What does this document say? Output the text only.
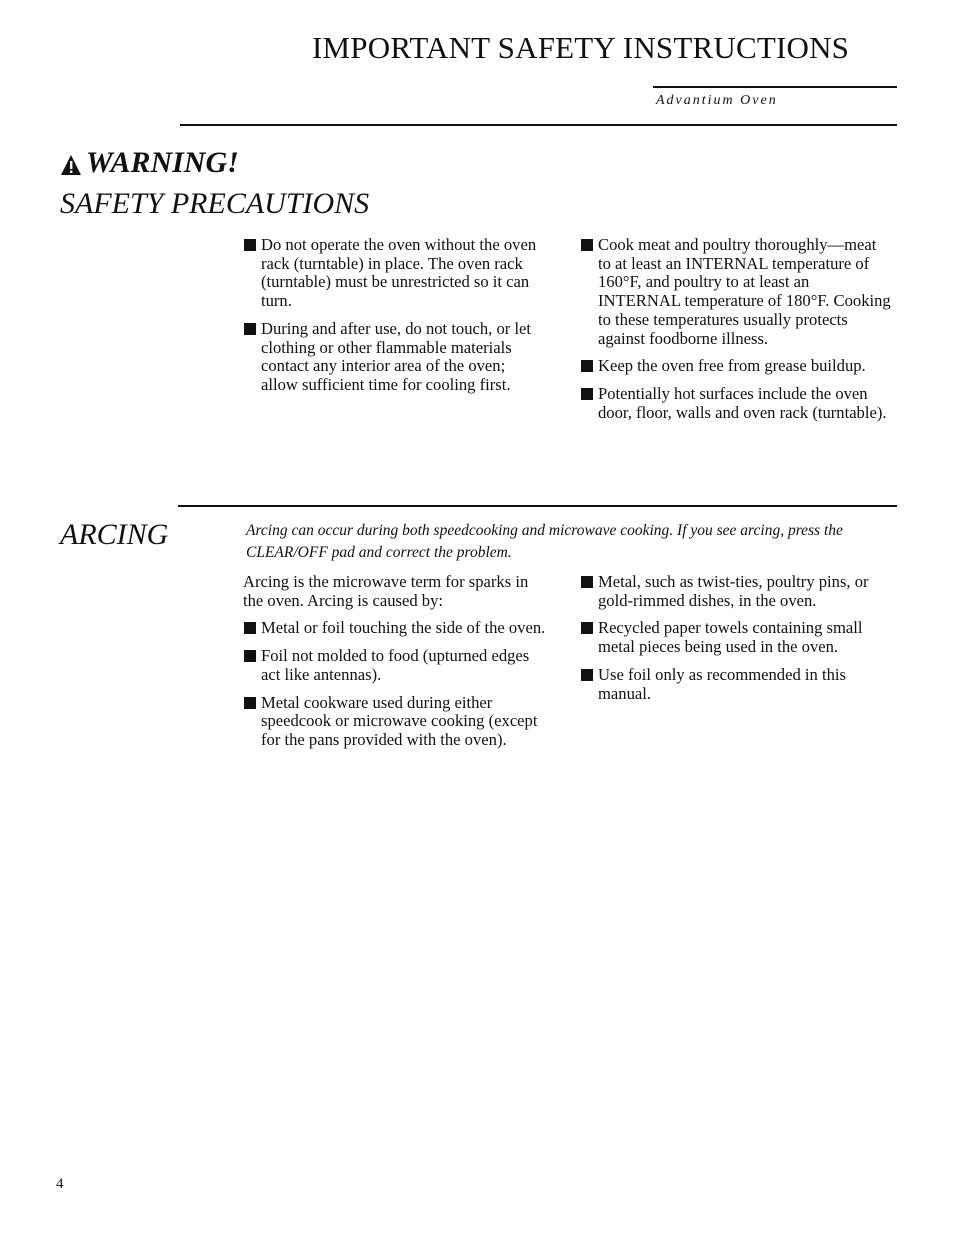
IMPORTANT SAFETY INSTRUCTIONS

Advantium Oven

WARNING!
SAFETY PRECAUTIONS
Do not operate the oven without the oven rack (turntable) in place. The oven rack (turntable) must be unrestricted so it can turn.
During and after use, do not touch, or let clothing or other flammable materials contact any interior area of the oven; allow sufficient time for cooling first.
Cook meat and poultry thoroughly—meat to at least an INTERNAL temperature of 160°F, and poultry to at least an INTERNAL temperature of 180°F. Cooking to these temperatures usually protects against foodborne illness.
Keep the oven free from grease buildup.
Potentially hot surfaces include the oven door, floor, walls and oven rack (turntable).
ARCING	Arcing can occur during both speedcooking and microwave cooking. If you see arcing, press the CLEAR/OFF pad and correct the problem.

Arcing is the microwave term for sparks in the oven. Arcing is caused by:

Metal or foil touching the side of the oven.
Foil not molded to food (upturned edges act like antennas).
Metal cookware used during either speedcook or microwave cooking (except for the pans provided with the oven).
Metal, such as twist-ties, poultry pins, or gold-rimmed dishes, in the oven.
Recycled paper towels containing small metal pieces being used in the oven.
Use foil only as recommended in this manual.

4
